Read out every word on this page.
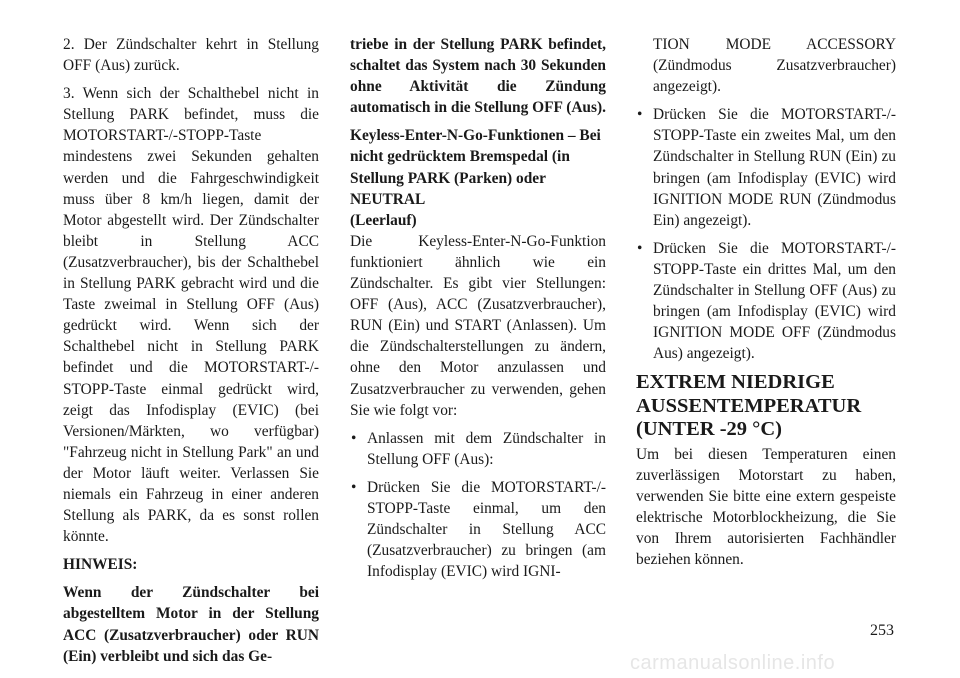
2. Der Zündschalter kehrt in Stellung OFF (Aus) zurück.

3. Wenn sich der Schalthebel nicht in Stellung PARK befindet, muss die MOTORSTART-/-STOPP-Taste mindestens zwei Sekunden gehalten werden und die Fahrgeschwindigkeit muss über 8 km/h liegen, damit der Motor abgestellt wird. Der Zündschalter bleibt in Stellung ACC (Zusatzverbraucher), bis der Schalthebel in Stellung PARK gebracht wird und die Taste zweimal in Stellung OFF (Aus) gedrückt wird. Wenn sich der Schalthebel nicht in Stellung PARK befindet und die MOTORSTART-/-STOPP-Taste einmal gedrückt wird, zeigt das Infodisplay (EVIC) (bei Versionen/Märkten, wo verfügbar) "Fahrzeug nicht in Stellung Park" an und der Motor läuft weiter. Verlassen Sie niemals ein Fahrzeug in einer anderen Stellung als PARK, da es sonst rollen könnte.

HINWEIS:

Wenn der Zündschalter bei abgestelltem Motor in der Stellung ACC (Zusatzverbraucher) oder RUN (Ein) verbleibt und sich das Ge-

triebe in der Stellung PARK befindet, schaltet das System nach 30 Sekunden ohne Aktivität die Zündung automatisch in die Stellung OFF (Aus).

Keyless-Enter-N-Go-Funktionen – Bei nicht gedrücktem Bremspedal (in Stellung PARK (Parken) oder NEUTRAL

(Leerlauf)

Die Keyless-Enter-N-Go-Funktion funktioniert ähnlich wie ein Zündschalter. Es gibt vier Stellungen: OFF (Aus), ACC (Zusatzverbraucher), RUN (Ein) und START (Anlassen). Um die Zündschalterstellungen zu ändern, ohne den Motor anzulassen und Zusatzverbraucher zu verwenden, gehen Sie wie folgt vor:

• Anlassen mit dem Zündschalter in Stellung OFF (Aus):

• Drücken Sie die MOTORSTART-/-STOPP-Taste einmal, um den Zündschalter in Stellung ACC (Zusatzverbraucher) zu bringen (am Infodisplay (EVIC) wird IGNI-

TION MODE ACCESSORY (Zündmodus Zusatzverbraucher) angezeigt).

• Drücken Sie die MOTORSTART-/-STOPP-Taste ein zweites Mal, um den Zündschalter in Stellung RUN (Ein) zu bringen (am Infodisplay (EVIC) wird IGNITION MODE RUN (Zündmodus Ein) angezeigt).

• Drücken Sie die MOTORSTART-/-STOPP-Taste ein drittes Mal, um den Zündschalter in Stellung OFF (Aus) zu bringen (am Infodisplay (EVIC) wird IGNITION MODE OFF (Zündmodus Aus) angezeigt).

EXTREM NIEDRIGE AUSSENTEMPERATUR (UNTER -29 °C)

Um bei diesen Temperaturen einen zuverlässigen Motorstart zu haben, verwenden Sie bitte eine extern gespeiste elektrische Motorblockheizung, die Sie von Ihrem autorisierten Fachhändler beziehen können.

253
carmanualsonline.info
